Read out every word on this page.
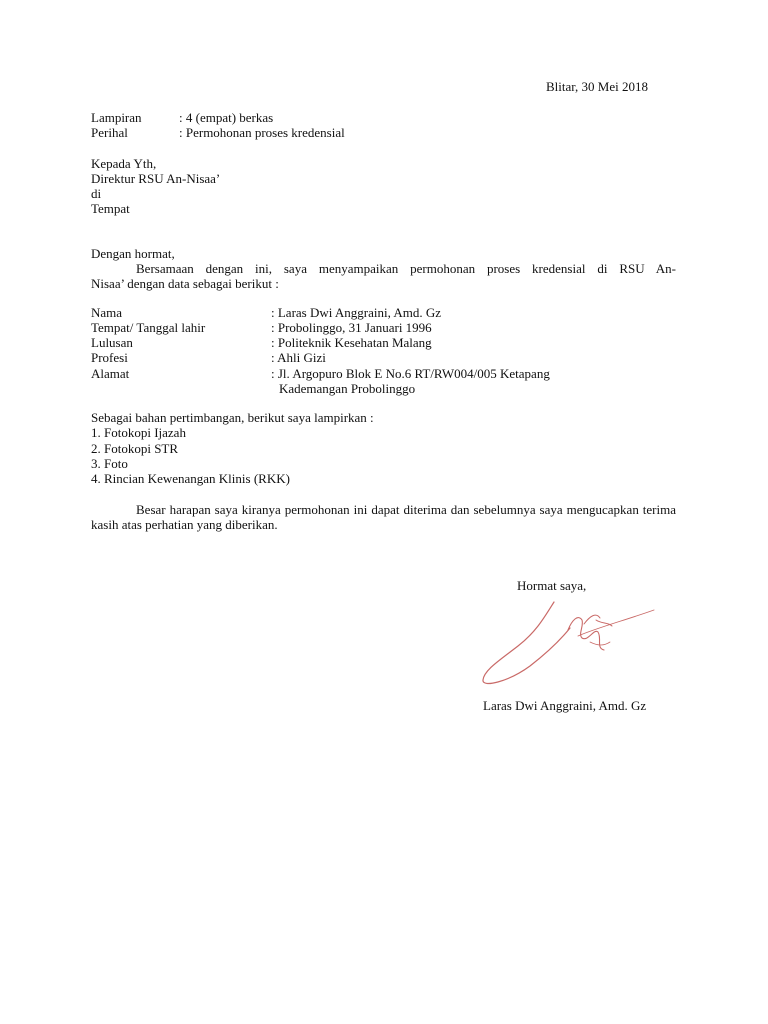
Blitar, 30 Mei 2018
Lampiran	: 4 (empat) berkas
Perihal	: Permohonan proses kredensial
Kepada Yth,
Direktur RSU An-Nisaa’
di
Tempat
Dengan hormat,
Bersamaan dengan ini, saya menyampaikan permohonan proses kredensial di RSU An-
Nisaa’ dengan data sebagai berikut :
Nama	: Laras Dwi Anggraini, Amd. Gz
Tempat/ Tanggal lahir	: Probolinggo, 31 Januari 1996
Lulusan	: Politeknik Kesehatan Malang
Profesi	: Ahli Gizi
Alamat	: Jl. Argopuro Blok E No.6 RT/RW004/005 Ketapang
Kademangan Probolinggo
Sebagai bahan pertimbangan, berikut saya lampirkan :
1. Fotokopi Ijazah
2. Fotokopi STR
3. Foto
4. Rincian Kewenangan Klinis (RKK)
Besar harapan saya kiranya permohonan ini dapat diterima dan sebelumnya saya mengucapkan terima kasih atas perhatian yang diberikan.
Hormat saya,
Laras Dwi Anggraini, Amd. Gz
